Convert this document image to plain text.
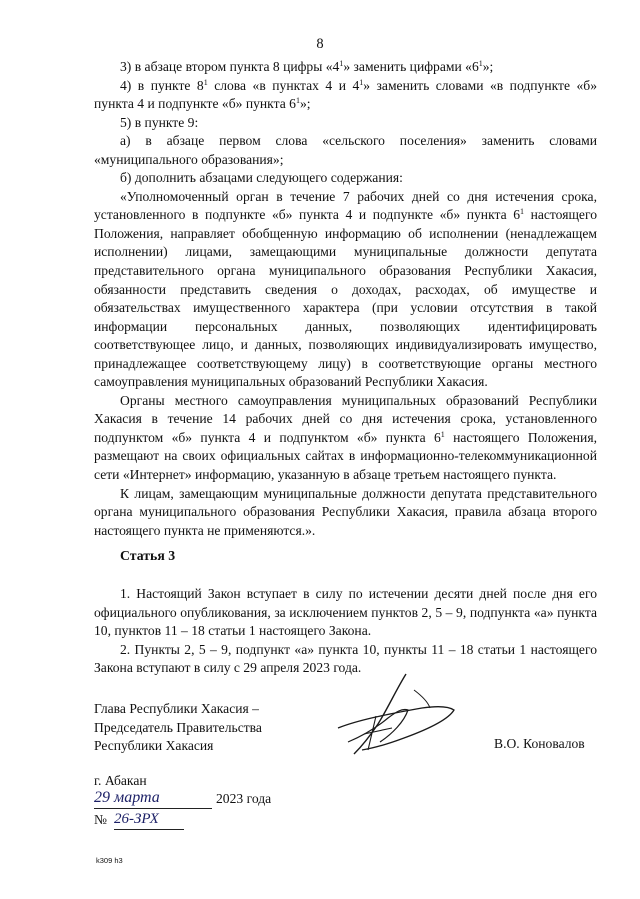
8

3) в абзаце втором пункта 8 цифры «$4^1$» заменить цифрами «$6^1$»;

4) в пункте $8^1$ слова «в пунктах 4 и $4^1$» заменить словами «в подпункте «б» пункта 4 и подпункте «б» пункта $6^1$»;

5) в пункте 9:

а) в абзаце первом слова «сельского поселения» заменить словами «муниципального образования»;

б) дополнить абзацами следующего содержания:

«Уполномоченный орган в течение 7 рабочих дней со дня истечения срока, установленного в подпункте «б» пункта 4 и подпункте «б» пункта $6^1$ настоящего Положения, направляет обобщенную информацию об исполнении (ненадлежащем исполнении) лицами, замещающими муниципальные должности депутата представительного органа муниципального образования Республики Хакасия, обязанности представить сведения о доходах, расходах, об имуществе и обязательствах имущественного характера (при условии отсутствия в такой информации персональных данных, позволяющих идентифицировать соответствующее лицо, и данных, позволяющих индивидуализировать имущество, принадлежащее соответствующему лицу) в соответствующие органы местного самоуправления муниципальных образований Республики Хакасия.

Органы местного самоуправления муниципальных образований Республики Хакасия в течение 14 рабочих дней со дня истечения срока, установленного подпунктом «б» пункта 4 и подпунктом «б» пункта $6^1$ настоящего Положения, размещают на своих официальных сайтах в информационно-телекоммуникационной сети «Интернет» информацию, указанную в абзаце третьем настоящего пункта.

К лицам, замещающим муниципальные должности депутата представительного органа муниципального образования Республики Хакасия, правила абзаца второго настоящего пункта не применяются.».

Статья 3

1. Настоящий Закон вступает в силу по истечении десяти дней после дня его официального опубликования, за исключением пунктов 2, 5 – 9, подпункта «а» пункта 10, пунктов 11 – 18 статьи 1 настоящего Закона.

2. Пункты 2, 5 – 9, подпункт «а» пункта 10, пункты 11 – 18 статьи 1 настоящего Закона вступают в силу с 29 апреля 2023 года.

Глава Республики Хакасия –
Председатель Правительства
Республики Хакасия	В.О. Коновалов
г. Абакан
29 марта	2023 года
№ 26-ЗРХ
k309 h3
